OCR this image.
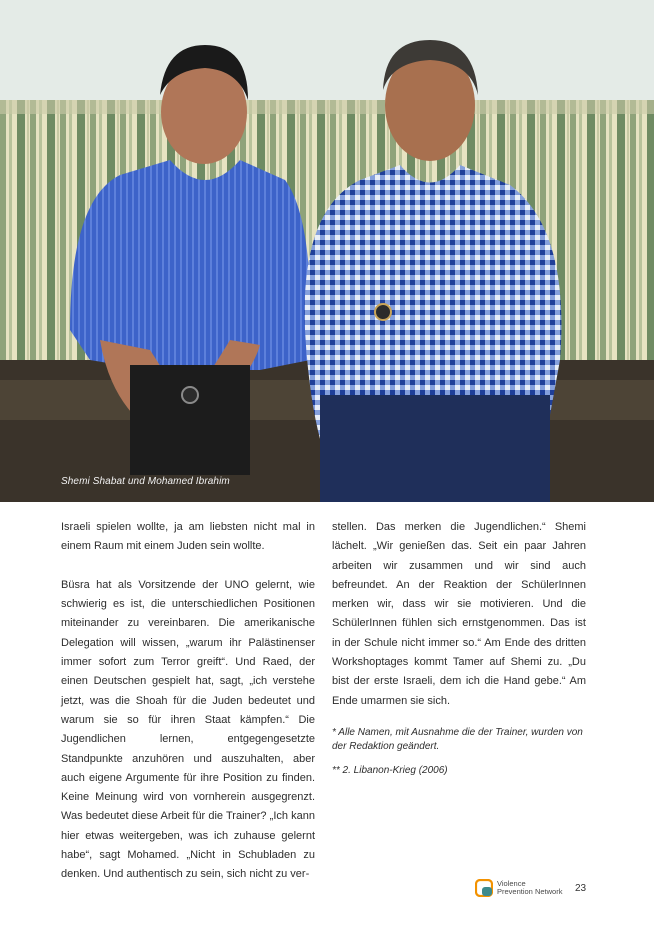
Shemi Shabat und Mohamed Ibrahim

Israeli spielen wollte, ja am liebsten nicht mal in einem Raum mit einem Juden sein wollte.

Büsra hat als Vorsitzende der UNO gelernt, wie schwierig es ist, die unterschiedlichen Positionen miteinander zu vereinbaren. Die amerikanische Delegation will wissen, „warum ihr Palästinenser immer sofort zum Terror greift“. Und Raed, der einen Deutschen gespielt hat, sagt, „ich verstehe jetzt, was die Shoah für die Juden bedeutet und warum sie so für ihren Staat kämpfen.“ Die Jugendlichen lernen, entgegengesetzte Standpunkte anzuhören und auszuhalten, aber auch eigene Argumente für ihre Position zu finden. Keine Meinung wird von vornherein ausgegrenzt. Was bedeutet diese Arbeit für die Trainer? „Ich kann hier etwas weitergeben, was ich zuhause gelernt habe“, sagt Mohamed. „Nicht in Schubladen zu denken. Und authentisch zu sein, sich nicht zu ver-

stellen. Das merken die Jugendlichen.“ Shemi lächelt. „Wir genießen das. Seit ein paar Jahren arbeiten wir zusammen und wir sind auch befreundet. An der Reaktion der SchülerInnen merken wir, dass wir sie motivieren. Und die SchülerInnen fühlen sich ernstgenommen. Das ist in der Schule nicht immer so.“ Am Ende des dritten Workshoptages kommt Tamer auf Shemi zu. „Du bist der erste Israeli, dem ich die Hand gebe.“ Am Ende umarmen sie sich.

* Alle Namen, mit Ausnahme die der Trainer, wurden von der Redaktion geändert.

** 2. Libanon-Krieg (2006)

Violence
Prevention Network	23
